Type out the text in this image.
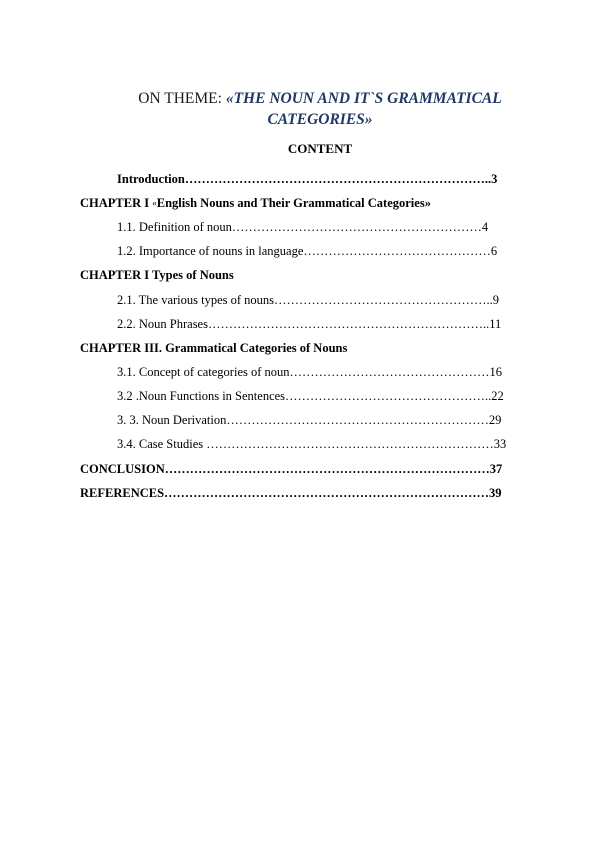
ON THEME: «THE NOUN AND IT`S GRAMMATICAL
CATEGORIES»
CONTENT
Introduction………………………………………………………………..3
CHAPTER I «English Nouns and Their Grammatical Categories»
1.1. Definition of noun……………………………………………………4
1.2. Importance of nouns in language………………………………………6
CHAPTER I Types of Nouns
2.1. The various types of nouns……………………………………………..9
2.2. Noun Phrases…………………………………………………………..11
CHAPTER III. Grammatical Categories of Nouns
3.1. Concept of categories of noun…………………………………………16
3.2 .Noun Functions in Sentences…………………………………………..22
3. 3. Noun Derivation………………………………………………………29
3.4. Case Studies ……………………………………………………………33
CONCLUSION……………………………………………………………………37
REFERENCES……………………………………………………………………39
